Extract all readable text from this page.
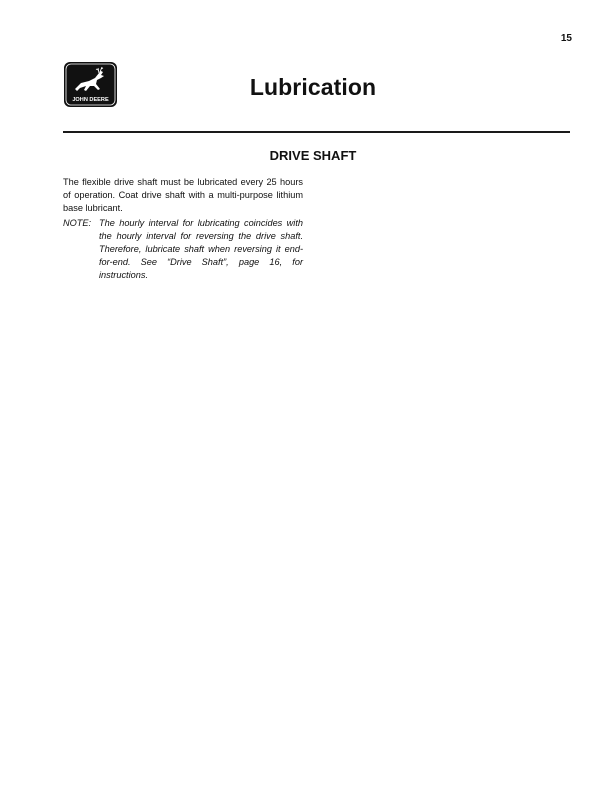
15
JOHN DEERE	Lubrication
DRIVE SHAFT

The flexible drive shaft must be lubricated every 25 hours of operation. Coat drive shaft with a multi-purpose lithium base lubricant.

NOTE: The hourly interval for lubricating coincides with the hourly interval for reversing the drive shaft. Therefore, lubricate shaft when reversing it end-for-end. See “Drive Shaft”, page 16, for instructions.
